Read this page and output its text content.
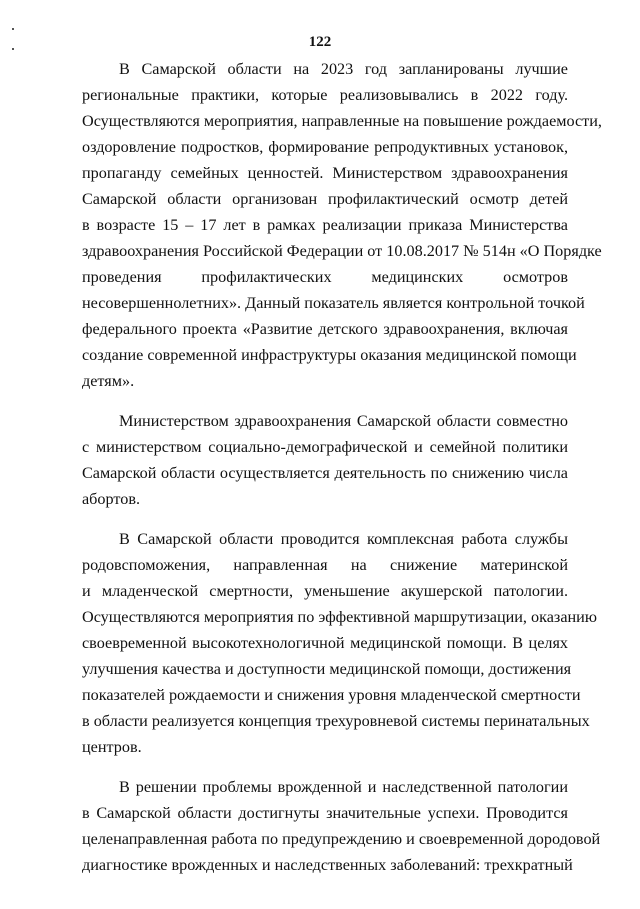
122
В Самарской области на 2023 год запланированы лучшие
региональные практики, которые реализовывались в 2022 году.
Осуществляются мероприятия, направленные на повышение рождаемости,
оздоровление подростков, формирование репродуктивных установок,
пропаганду семейных ценностей. Министерством здравоохранения
Самарской области организован профилактический осмотр детей
в возрасте 15 – 17 лет в рамках реализации приказа Министерства
здравоохранения Российской Федерации от 10.08.2017 № 514н «О Порядке
проведения профилактических медицинских осмотров
несовершеннолетних». Данный показатель является контрольной точкой
федерального проекта «Развитие детского здравоохранения, включая
создание современной инфраструктуры оказания медицинской помощи
детям».
Министерством здравоохранения Самарской области совместно
с министерством социально-демографической и семейной политики
Самарской области осуществляется деятельность по снижению числа
абортов.
В Самарской области проводится комплексная работа службы
родовспоможения, направленная на снижение материнской
и младенческой смертности, уменьшение акушерской патологии.
Осуществляются мероприятия по эффективной маршрутизации, оказанию
своевременной высокотехнологичной медицинской помощи. В целях
улучшения качества и доступности медицинской помощи, достижения
показателей рождаемости и снижения уровня младенческой смертности
в области реализуется концепция трехуровневой системы перинатальных
центров.
В решении проблемы врожденной и наследственной патологии
в Самарской области достигнуты значительные успехи. Проводится
целенаправленная работа по предупреждению и своевременной дородовой
диагностике врожденных и наследственных заболеваний: трехкратный
